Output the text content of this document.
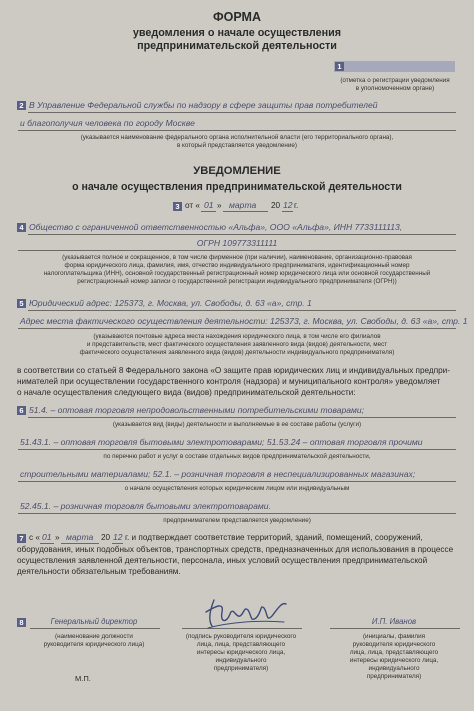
ФОРМА
уведомления о начале осуществления
предпринимательской деятельности
1
(отметка о регистрации уведомления
в уполномоченном органе)
2 В Управление Федеральной службы по надзору в сфере защиты прав потребителей
и благополучия человека по городу Москве
(указывается наименование федерального органа исполнительной власти (его территориального органа),
в который представляется уведомление)
УВЕДОМЛЕНИЕ
о начале осуществления предпринимательской деятельности
3 от « 01 » марта 20 12 г.
4 Общество с ограниченной ответственностью «Альфа», ООО «Альфа», ИНН 7733111113,
ОГРН 109773311111
(указывается полное и сокращенное, в том числе фирменное (при наличии), наименование, организационно-правовая
форма юридического лица, фамилия, имя, отчество индивидуального предпринимателя, идентификационный номер
налогоплательщика (ИНН), основной государственный регистрационный номер юридического лица или основной государственный
регистрационный номер записи о государственной регистрации индивидуального предпринимателя (ОГРН))
5 Юридический адрес: 125373, г. Москва, ул. Свободы, д. 63 «а», стр. 1
Адрес места фактического осуществления деятельности: 125373, г. Москва, ул. Свободы, д. 63 «а», стр. 1
(указываются почтовые адреса места нахождения юридического лица, в том числе его филиалов
и представительств, мест фактического осуществления заявленного вида (видов) деятельности, мест
фактического осуществления заявленного вида (видов) деятельности индивидуального предпринимателя)
в соответствии со статьей 8 Федерального закона «О защите прав юридических лиц и индивидуальных предпри-
нимателей при осуществлении государственного контроля (надзора) и муниципального контроля» уведомляет
о начале осуществления следующего вида (видов) предпринимательской деятельности:
6 51.4. – оптовая торговля непродовольственными потребительскими товарами;
(указывается вид (виды) деятельности и выполняемые в ее составе работы (услуги)
51.43.1. – оптовая торговля бытовыми электротоварами; 51.53.24 – оптовая торговля прочими
по перечню работ и услуг в составе отдельных видов предпринимательской деятельности,
строительными материалами; 52.1. – розничная торговля в неспециализированных магазинах;
о начале осуществления которых юридическим лицом или индивидуальным
52.45.1. – розничная торговля бытовыми электротоварами.
предпринимателем представляется уведомление)
7 с « 01 » марта 20 12 г. и подтверждает соответствие территорий, зданий, помещений, сооружений,
оборудования, иных подобных объектов, транспортных средств, предназначенных для использования в процессе
осуществления заявленной деятельности, персонала, иных условий осуществления предпринимательской
деятельности обязательным требованиям.
8	Генеральный директор	И.П. Иванов
(наименование должности
руководителя юридического лица)
(подпись руководителя юридического
лица, лица, представляющего
интересы юридического лица,
индивидуального
предпринимателя)
(инициалы, фамилия
руководителя юридического
лица, лица, представляющего
интересы юридического лица,
индивидуального
предпринимателя)
М.П.
